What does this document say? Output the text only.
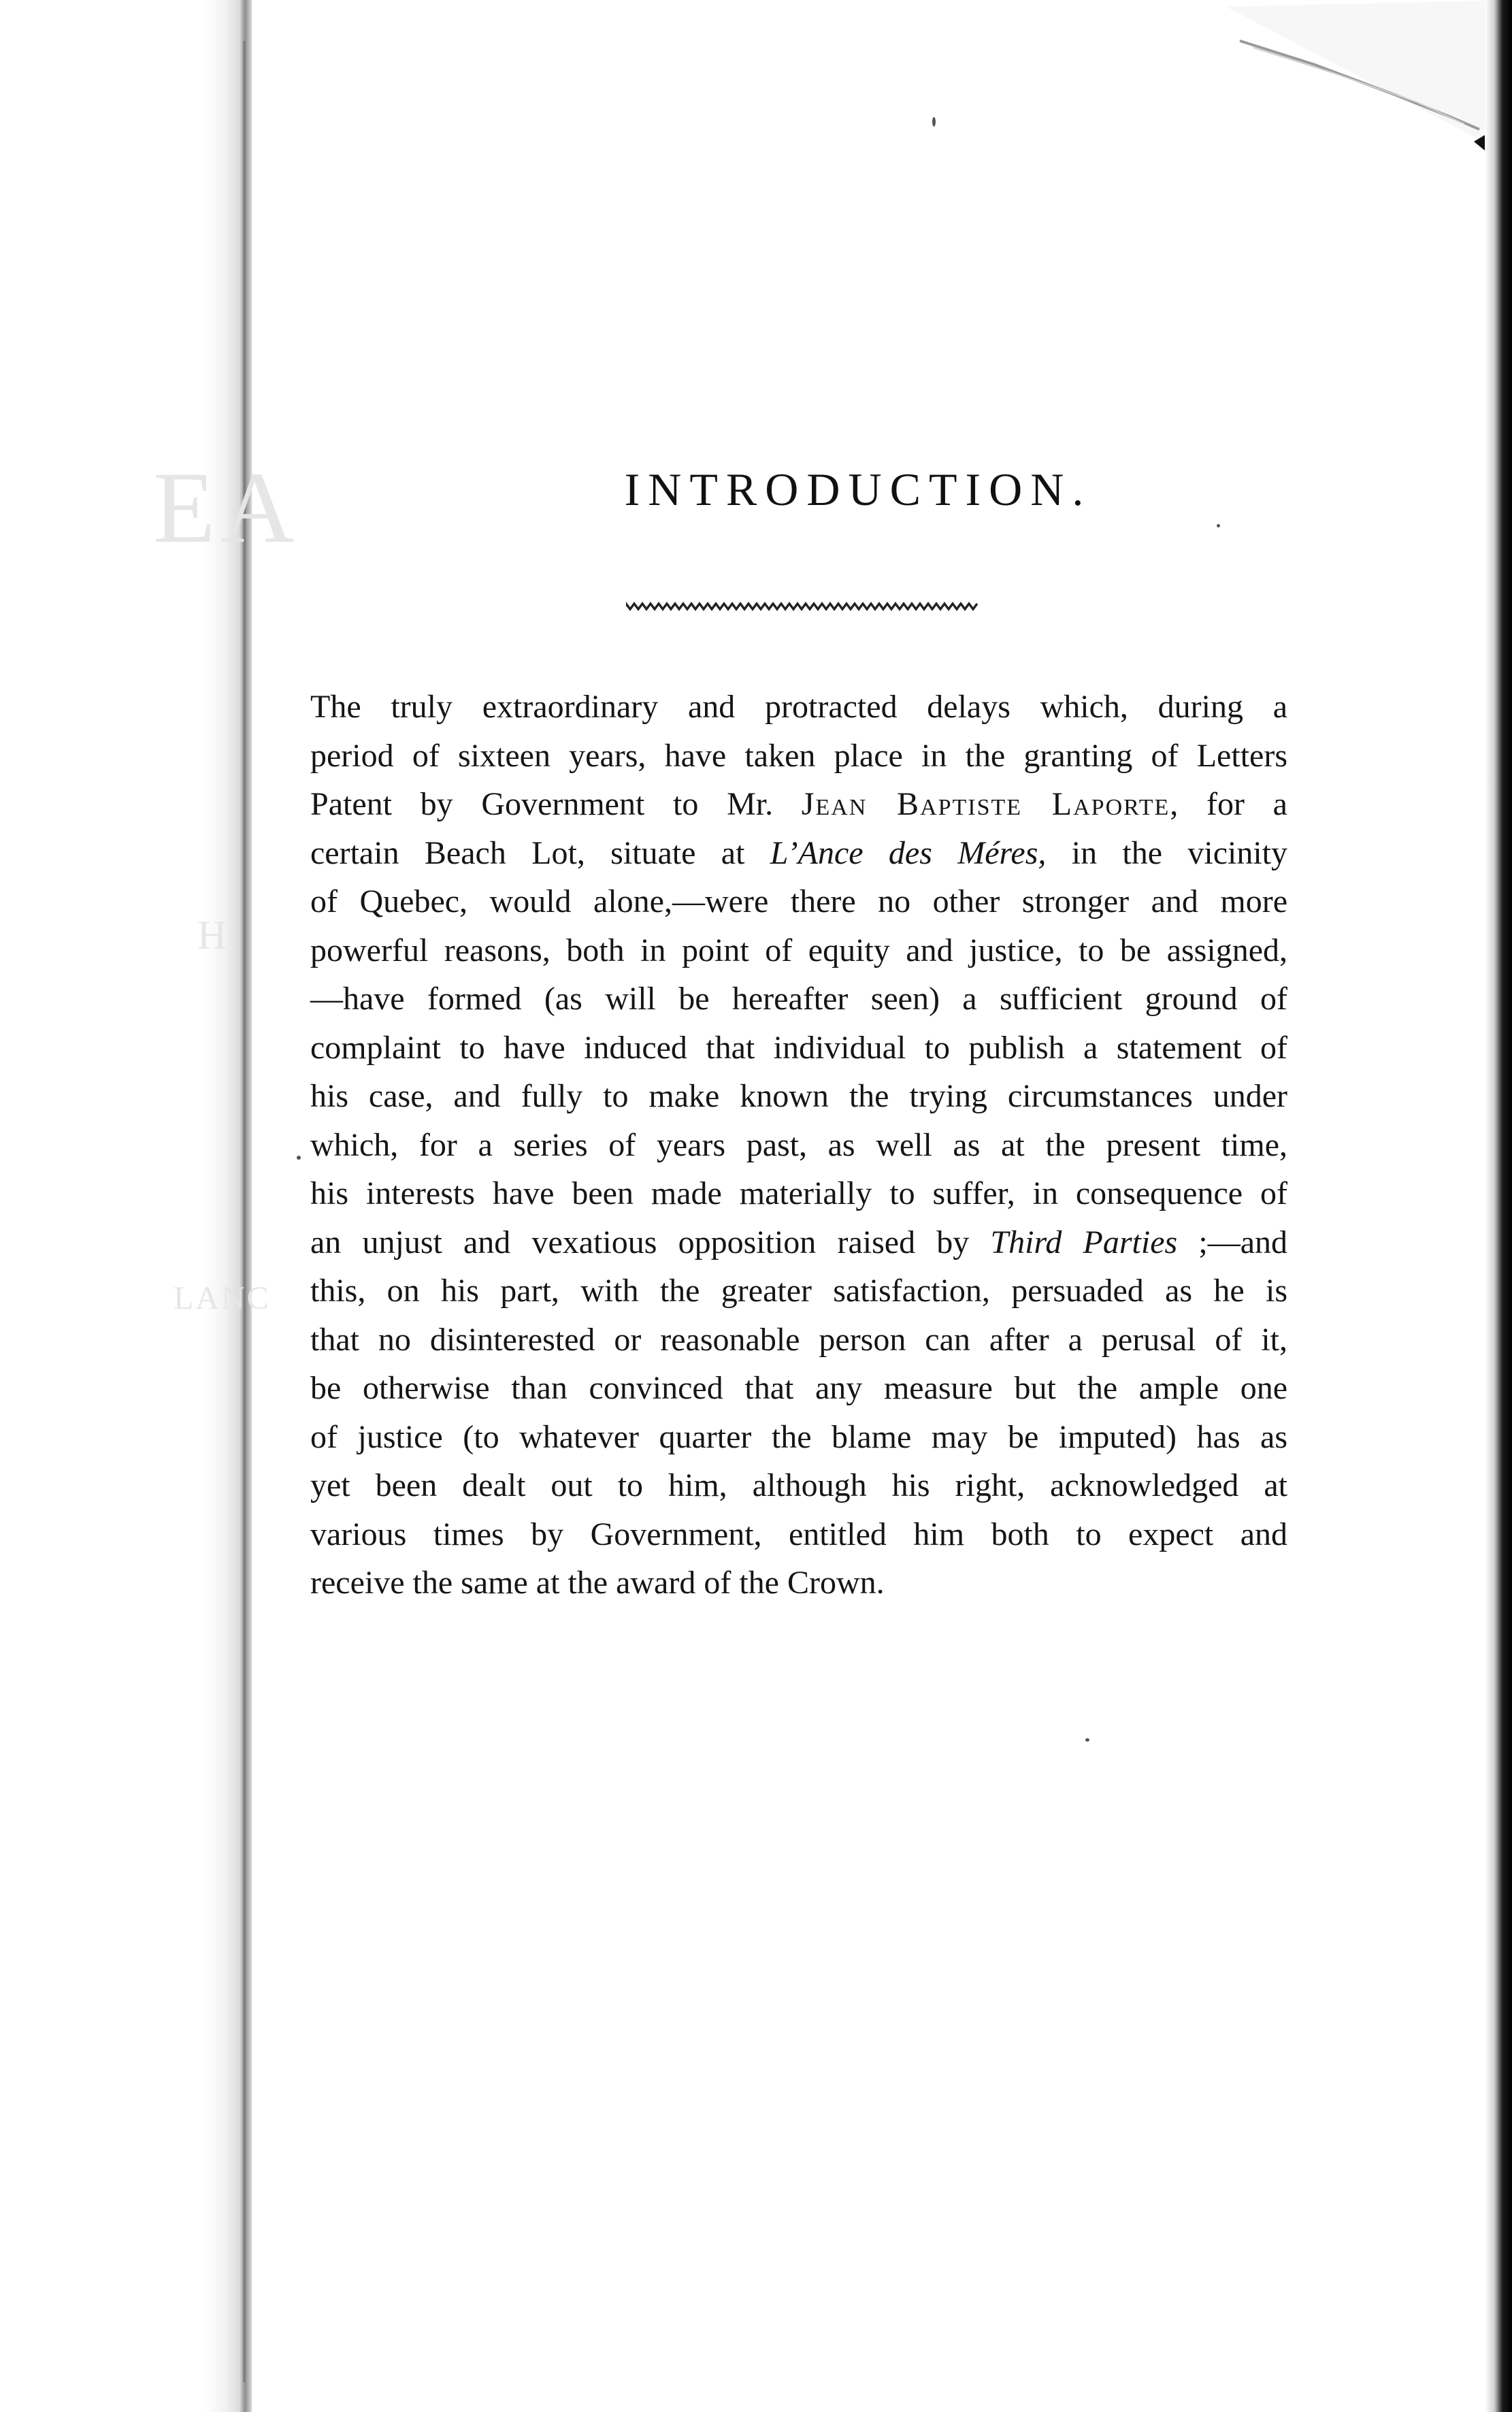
EA
H
LANC
INTRODUCTION.
The truly extraordinary and protracted delays which, during a
period of sixteen years, have taken place in the granting of Letters
Patent by Government to Mr. Jean Baptiste Laporte, for a
certain Beach Lot, situate at L’Ance des Méres, in the vicinity
of Quebec, would alone,—were there no other stronger and more
powerful reasons, both in point of equity and justice, to be assigned,
—have formed (as will be hereafter seen) a sufficient ground of
complaint to have induced that individual to publish a statement of
his case, and fully to make known the trying circumstances under
which, for a series of years past, as well as at the present time,
his interests have been made materially to suffer, in consequence of
an unjust and vexatious opposition raised by Third Parties ;—and
this, on his part, with the greater satisfaction, persuaded as he is
that no disinterested or reasonable person can after a perusal of it,
be otherwise than convinced that any measure but the ample one
of justice (to whatever quarter the blame may be imputed) has as
yet been dealt out to him, although his right, acknowledged at
various times by Government, entitled him both to expect and
receive the same at the award of the Crown.
